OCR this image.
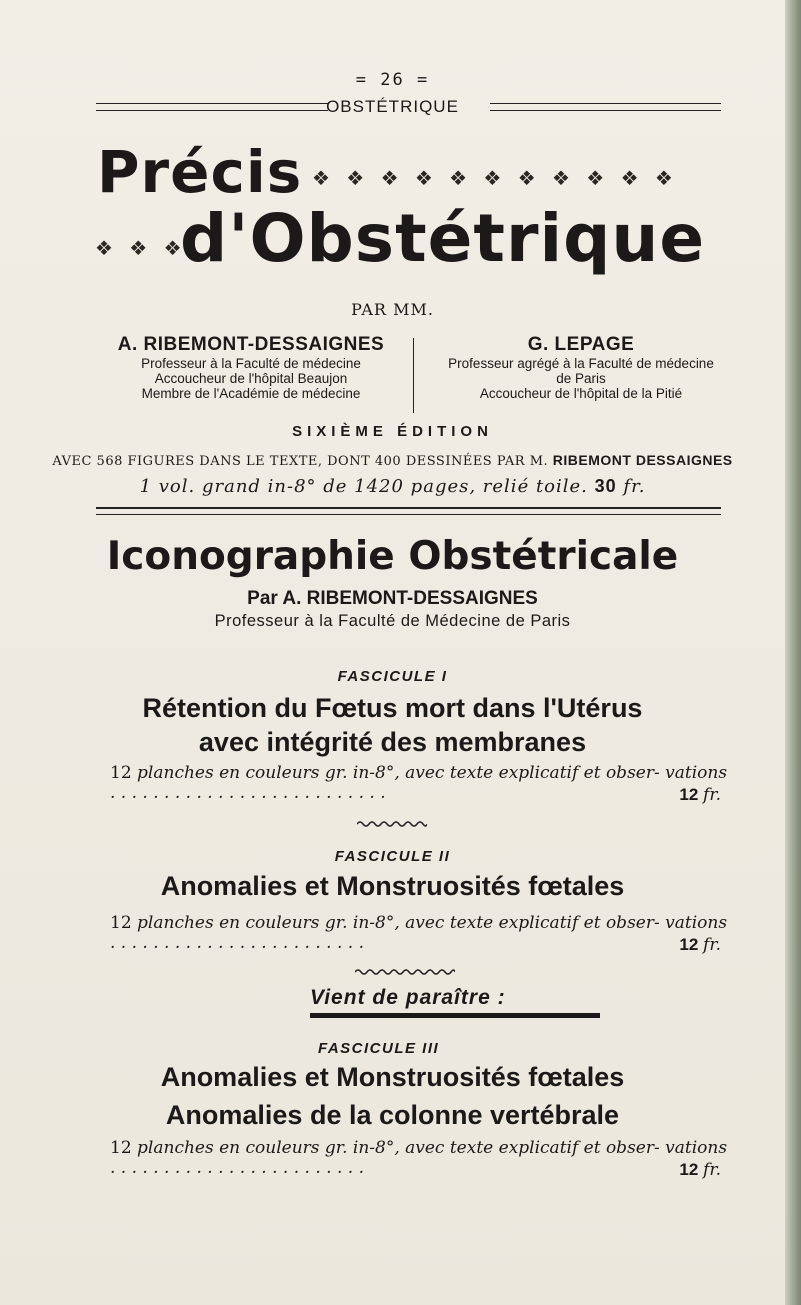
= 26 =
OBSTÉTRIQUE
Précis ❖ ❖ ❖ ❖ ❖ ❖ ❖ ❖ ❖ ❖ ❖
❖ ❖ ❖
d'Obstétrique
PAR MM.
A. RIBEMONT-DESSAIGNES
Professeur à la Faculté de médecine
Accoucheur de l'hôpital Beaujon
Membre de l'Académie de médecine
G. LEPAGE
Professeur agrégé à la Faculté de médecine
de Paris
Accoucheur de l'hôpital de la Pitié
SIXIÈME ÉDITION
AVEC 568 FIGURES DANS LE TEXTE, DONT 400 DESSINÉES PAR M. RIBEMONT DESSAIGNES
1 vol. grand in-8° de 1420 pages, relié toile. 30 fr.
Iconographie Obstétricale
Par A. RIBEMONT-DESSAIGNES
Professeur à la Faculté de Médecine de Paris
FASCICULE I
Rétention du Fœtus mort dans l'Utérus
avec intégrité des membranes
12 planches en couleurs gr. in-8°, avec texte explicatif et obser- vations . . . . . . . . . . . . . . . . . . . . . . . . . .	12 fr.
FASCICULE II
Anomalies et Monstruosités fœtales
12 planches en couleurs gr. in-8°, avec texte explicatif et obser- vations . . . . . . . . . . . . . . . . . . . . . . . .	12 fr.
Vient de paraître :
FASCICULE III
Anomalies et Monstruosités fœtales
Anomalies de la colonne vertébrale
12 planches en couleurs gr. in-8°, avec texte explicatif et obser- vations . . . . . . . . . . . . . . . . . . . . . . . .	12 fr.
